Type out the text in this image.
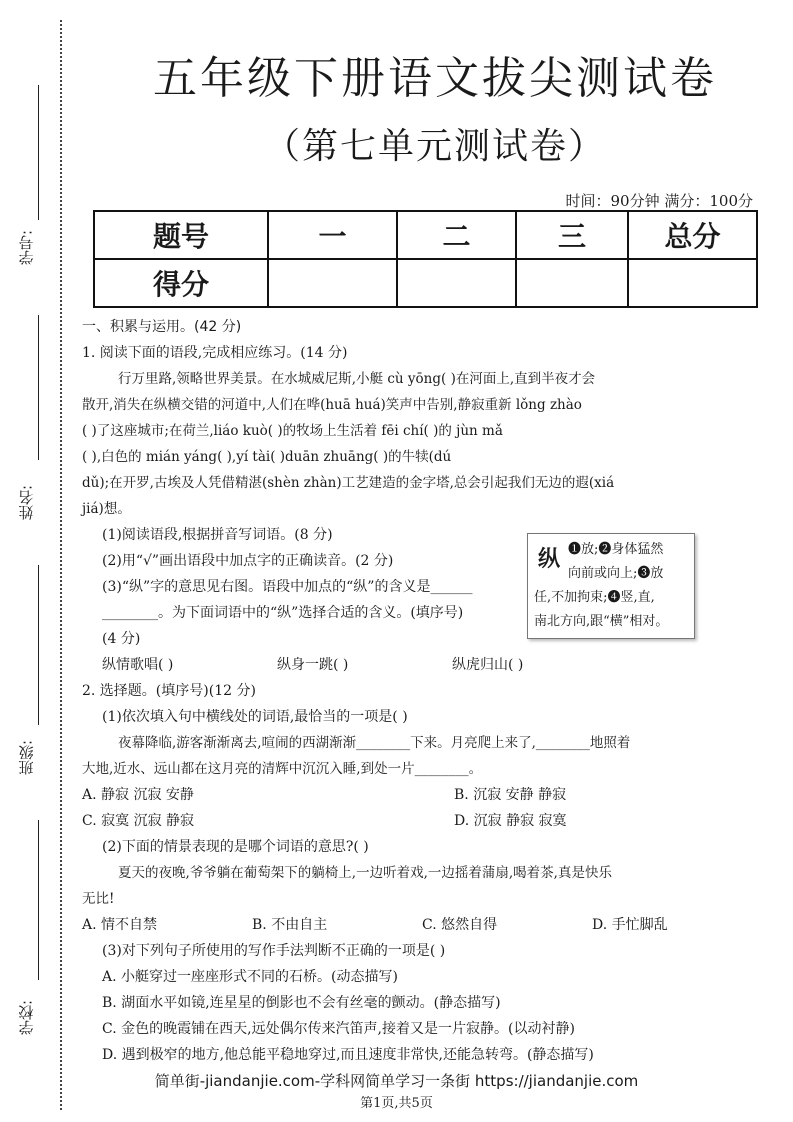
学号:
姓名:
班级:
学校:
五年级下册语文拔尖测试卷
（第七单元测试卷）
时间：90分钟 满分：100分
题号	一	二	三	总分
得分				
一、积累与运用。(42 分)
1. 阅读下面的语段,完成相应练习。(14 分)
行万里路,领略世界美景。在水城威尼斯,小艇 cù yōng( )在河面上,直到半夜才会
散开,消失在纵横交错的河道中,人们在哗(huā huá)笑声中告别,静寂重新 lǒng zhào
( )了这座城市;在荷兰,liáo kuò( )的牧场上生活着 fēi chí( )的 jùn mǎ
( ),白色的 mián yáng( ),yí tài( )duān zhuāng( )的牛犊(dú
dǔ);在开罗,古埃及人凭借精湛(shèn zhàn)工艺建造的金字塔,总会引起我们无边的遐(xiá
jiá)想。
(1)阅读语段,根据拼音写词语。(8 分)
(2)用“√”画出语段中加点字的正确读音。(2 分)
(3)“纵”字的意思见右图。语段中加点的“纵”的含义是______
________。为下面词语中的“纵”选择合适的含义。(填序号)
(4 分)
纵情歌唱( )	纵身一跳( )	纵虎归山( )
2. 选择题。(填序号)(12 分)
(1)依次填入句中横线处的词语,最恰当的一项是( )
夜幕降临,游客渐渐离去,喧闹的西湖渐渐________下来。月亮爬上来了,________地照着
大地,近水、远山都在这月亮的清辉中沉沉入睡,到处一片________。
A. 静寂 沉寂 安静	B. 沉寂 安静 静寂
C. 寂寞 沉寂 静寂	D. 沉寂 静寂 寂寞
(2)下面的情景表现的是哪个词语的意思?( )
夏天的夜晚,爷爷躺在葡萄架下的躺椅上,一边听着戏,一边摇着蒲扇,喝着茶,真是快乐
无比!
A. 情不自禁	B. 不由自主	C. 悠然自得	D. 手忙脚乱
(3)对下列句子所使用的写作手法判断不正确的一项是( )
A. 小艇穿过一座座形式不同的石桥。(动态描写)
B. 湖面水平如镜,连星星的倒影也不会有丝毫的颤动。(静态描写)
C. 金色的晚霞铺在西天,远处偶尔传来汽笛声,接着又是一片寂静。(以动衬静)
D. 遇到极窄的地方,他总能平稳地穿过,而且速度非常快,还能急转弯。(静态描写)
纵 ❶放;❷身体猛然
向前或向上;❸放
任,不加拘束;❹竖,直,
南北方向,跟“横”相对。
简单街-jiandanjie.com-学科网简单学习一条街 https://jiandanjie.com
第1页,共5页
